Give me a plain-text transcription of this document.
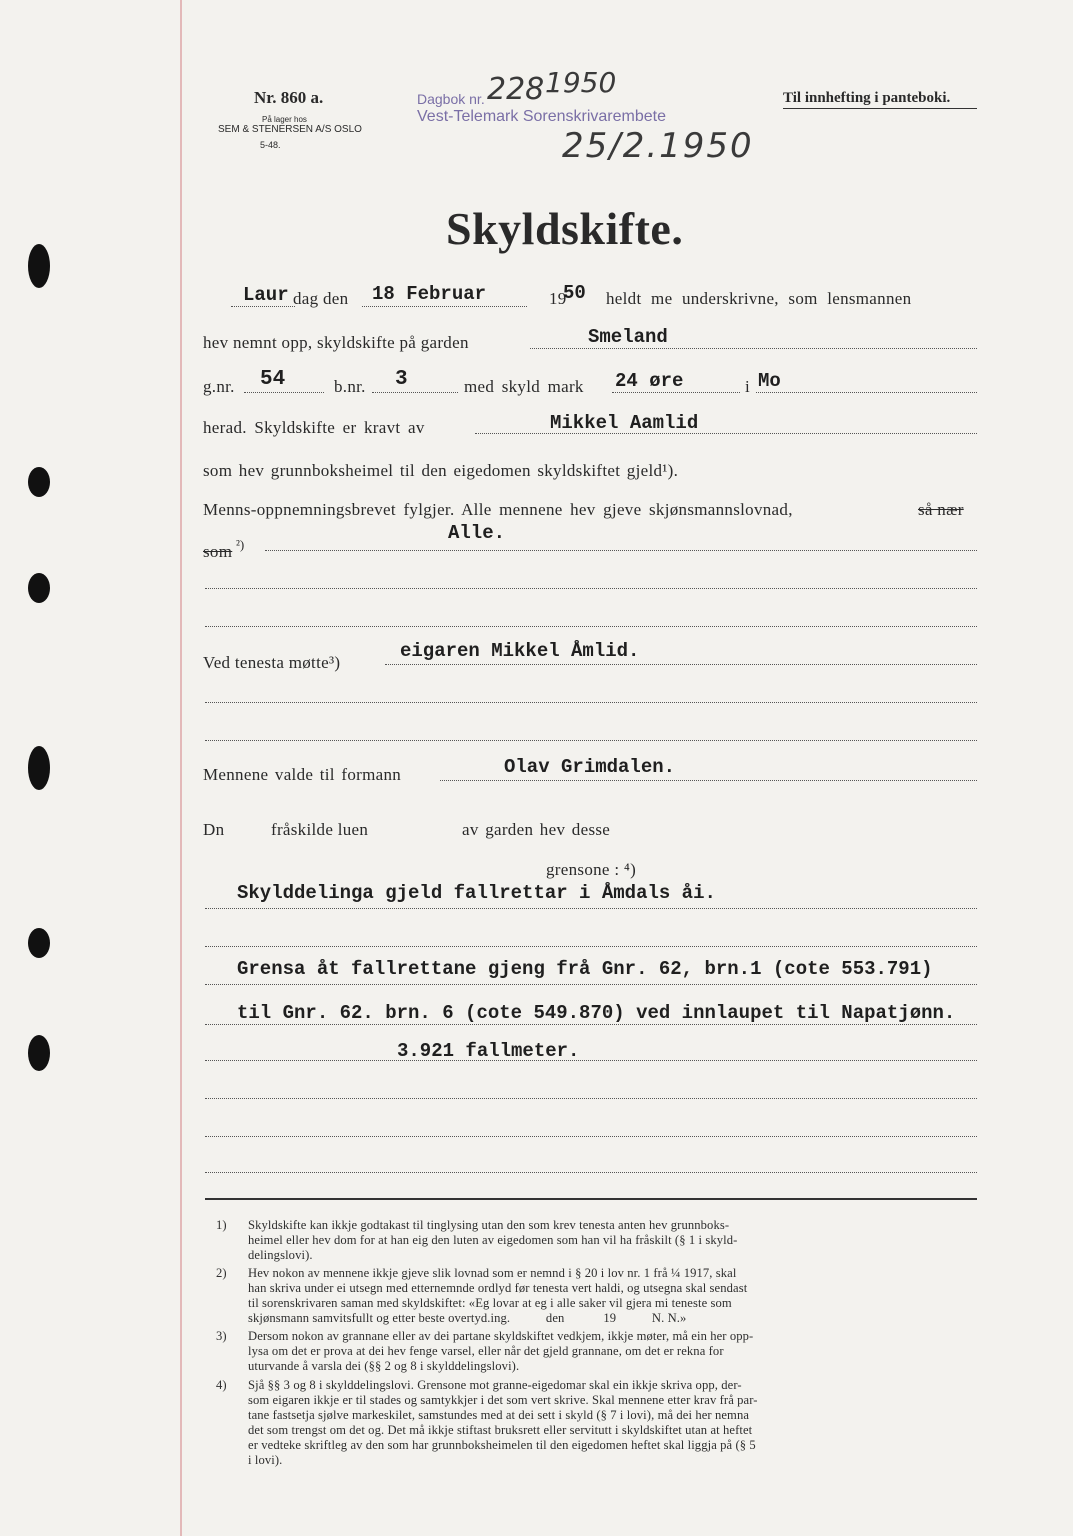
Nr. 860 a.
På lager hos
SEM & STENERSEN A/S OSLO
5-48.
Dagbok nr. 228 1950
Vest-Telemark Sorenskrivarembete
25/2.1950
Til innhefting i panteboki.
Skyldskifte.
Laur dag den 18 Februar	19
50 heldt me underskrivne, som lensmannen
hev nemnt opp, skyldskifte på garden	Smeland
g.nr. 54	b.nr. 3	med skyld mark 24 øre	i Mo
herad. Skyldskifte er kravt av	Mikkel Aamlid
som hev grunnboksheimel til den eigedomen skyldskiftet gjeld¹).
Menns-oppnemningsbrevet fylgjer. Alle mennene hev gjeve skjønsmannslovnad,	så nær
som ²)
Alle.
Ved tenesta møtte³)
eigaren Mikkel Åmlid.
Mennene valde til formann	Olav Grimdalen.
Dn	fråskilde luen	av garden hev desse
grensone : ⁴)
Skylddelinga gjeld fallrettar i Åmdals åi.
Grensa åt fallrettane gjeng frå Gnr. 62, brn.1 (cote 553.791)
til Gnr. 62. brn. 6 (cote 549.870) ved innlaupet til Napatjønn.
3.921 fallmeter.
1) Skyldskifte kan ikkje godtakast til tinglysing utan den som krev tenesta anten hev grunnboks-
heimel eller hev dom for at han eig den luten av eigedomen som han vil ha fråskilt (§ 1 i skyld-
delingslovi).
2) Hev nokon av mennene ikkje gjeve slik lovnad som er nemnd i § 20 i lov nr. 1 frå ¼ 1917, skal
han skriva under ei utsegn med etternemnde ordlyd før tenesta vert haldi, og utsegna skal sendast
til sorenskrivaren saman med skyldskiftet: «Eg lovar at eg i alle saker vil gjera mi teneste som
skjønsmann samvitsfullt og etter beste overtyd.ing.           den            19           N. N.»
3) Dersom nokon av grannane eller av dei partane skyldskiftet vedkjem, ikkje møter, må ein her opp-
lysa om det er prova at dei hev fenge varsel, eller når det gjeld grannane, om det er rekna for
uturvande å varsla dei (§§ 2 og 8 i skylddelingslovi).
4) Sjå §§ 3 og 8 i skylddelingslovi. Grensone mot granne-eigedomar skal ein ikkje skriva opp, der-
som eigaren ikkje er til stades og samtykkjer i det som vert skrive. Skal mennene etter krav frå par-
tane fastsetja sjølve markeskilet, samstundes med at dei sett i skyld (§ 7 i lovi), må dei her nemna
det som trengst om det og. Det må ikkje stiftast bruksrett eller servitutt i skyldskiftet utan at heftet
er vedteke skriftleg av den som har grunnboksheimelen til den eigedomen heftet skal liggja på (§ 5
i lovi).
